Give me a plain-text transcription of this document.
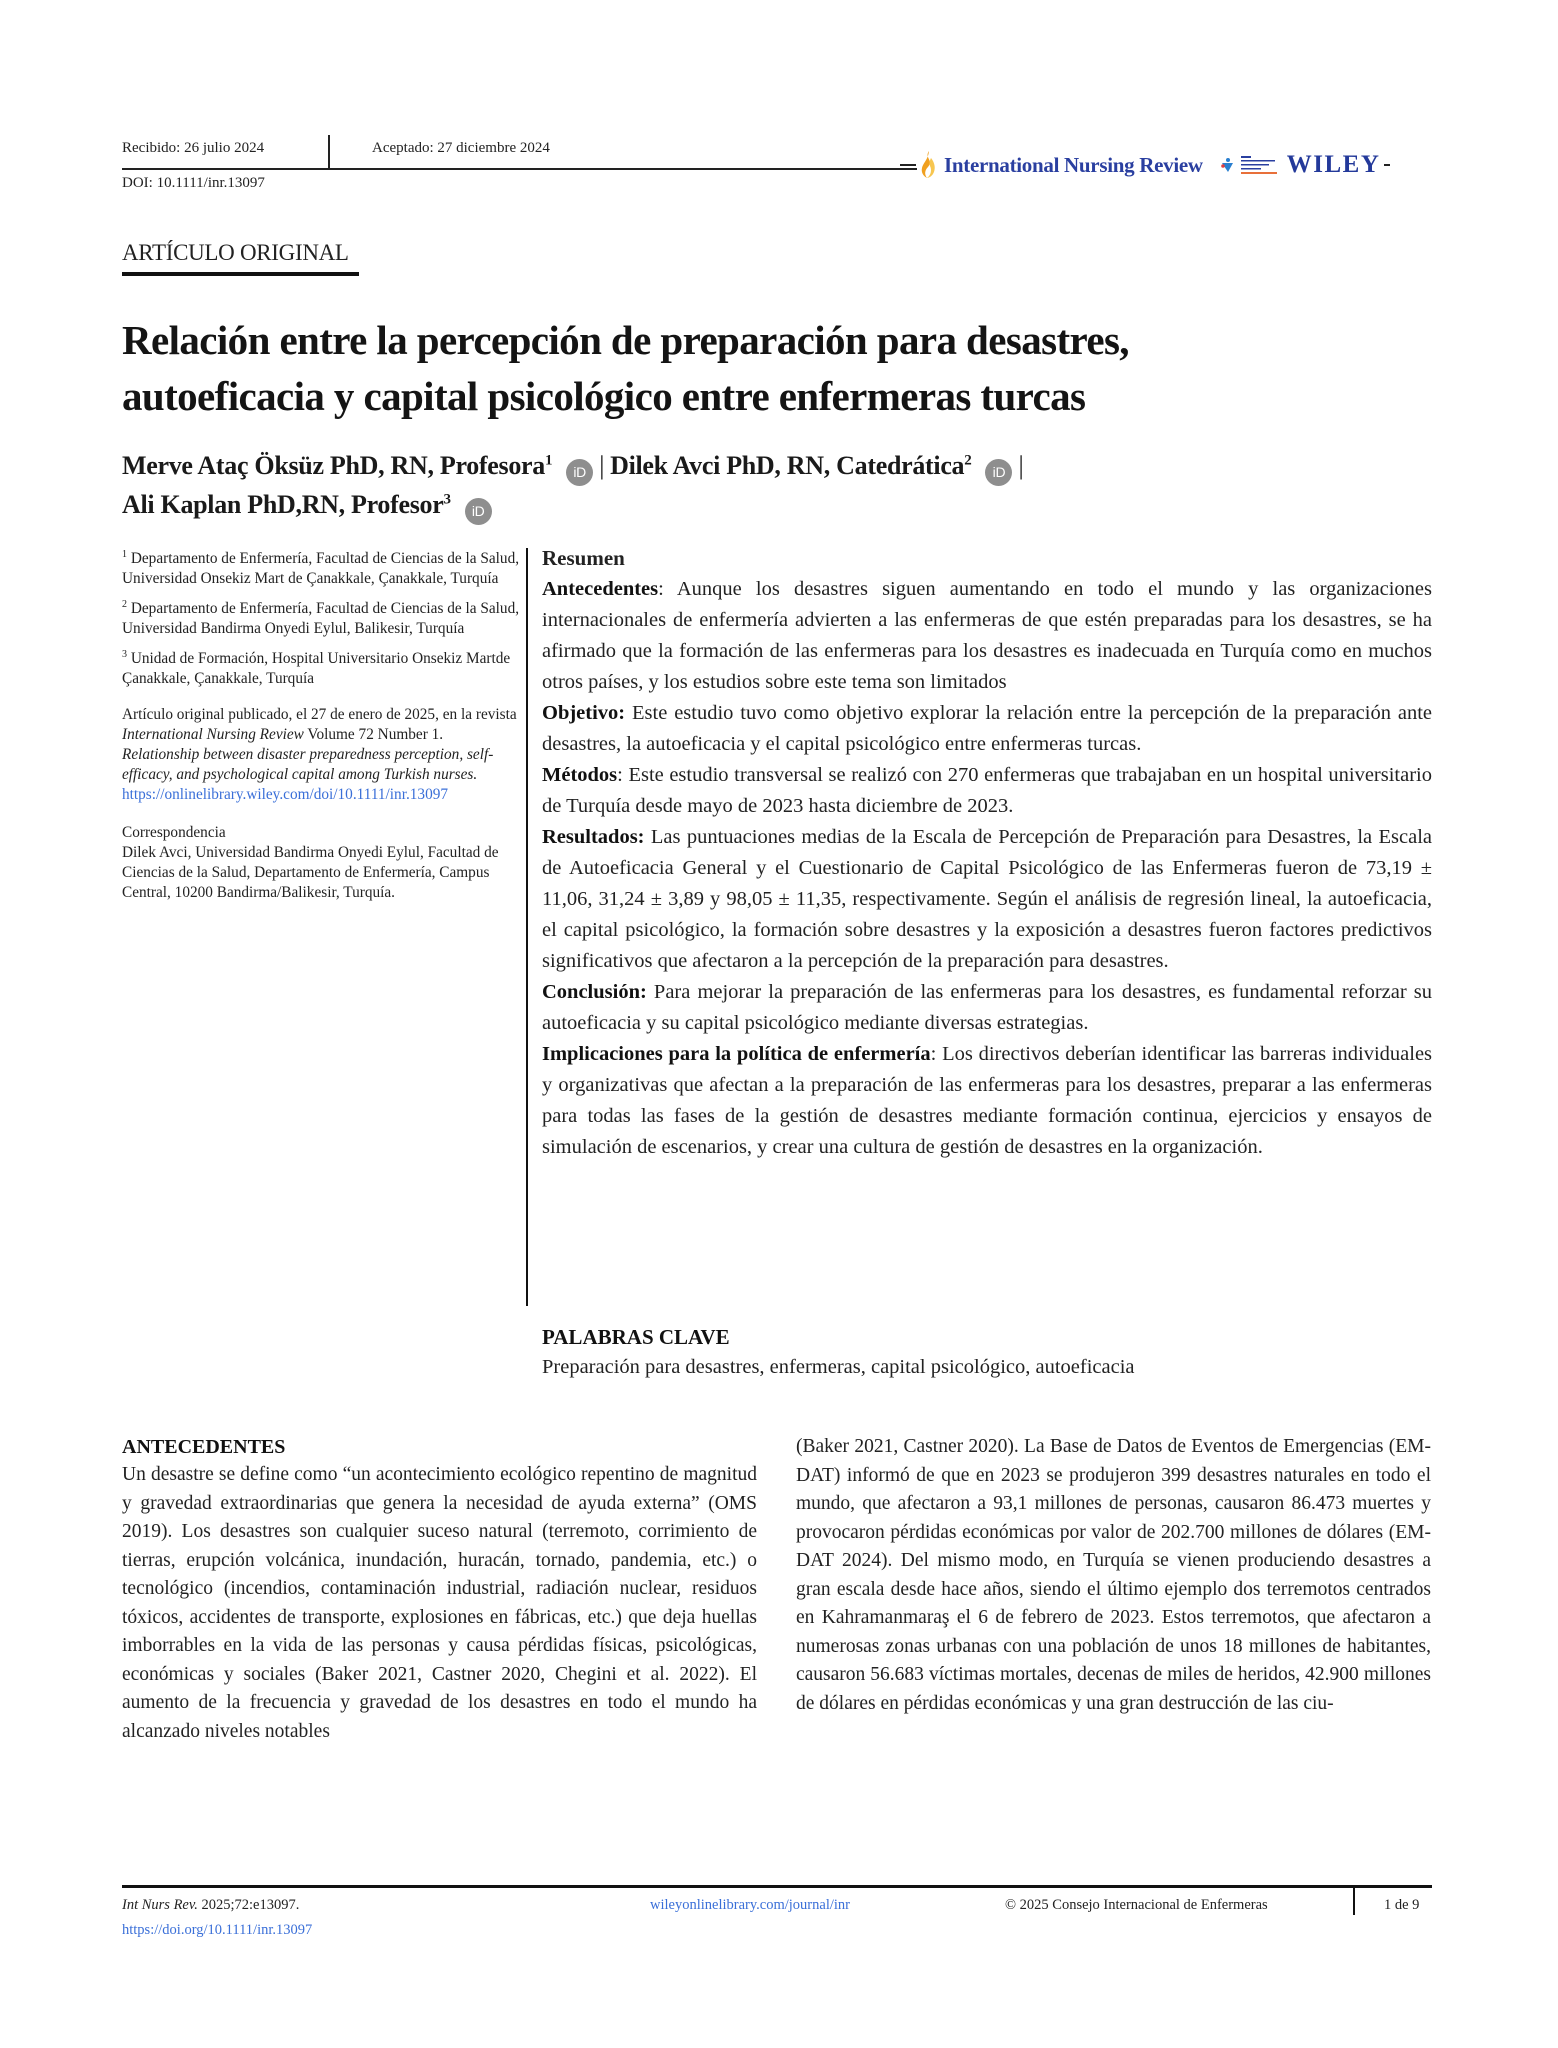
Recibido: 26 julio 2024	Aceptado: 27 diciembre 2024
DOI: 10.1111/inr.13097
International Nursing Review	WILEY
ARTÍCULO ORIGINAL
Relación entre la percepción de preparación para desastres,
autoeficacia y capital psicológico entre enfermeras turcas
Merve Ataç Öksüz PhD, RN, Profesora$^1$iD | Dilek Avci PhD, RN, Catedrática$^2$iD |
Ali Kaplan PhD,RN, Profesor$^3$iD

$^1$ Departamento de Enfermería, Facultad de Ciencias de la Salud, Universidad Onsekiz Mart de Çanakkale, Çanakkale, Turquía

$^2$ Departamento de Enfermería, Facultad de Ciencias de la Salud, Universidad Bandirma Onyedi Eylul, Balikesir, Turquía

$^3$ Unidad de Formación, Hospital Universitario Onsekiz Martde Çanakkale, Çanakkale, Turquía

Artículo original publicado, el 27 de enero de 2025, en la revista International Nursing Review Volume 72 Number 1. Relationship between disaster preparedness perception, self-efficacy, and psychological capital among Turkish nurses.
https://onlinelibrary.wiley.com/doi/10.1111/inr.13097

Correspondencia

Dilek Avci, Universidad Bandirma Onyedi Eylul, Facultad de Ciencias de la Salud, Departamento de Enfermería, Campus Central, 10200 Bandirma/Balikesir, Turquía.

Resumen

Antecedentes: Aunque los desastres siguen aumentando en todo el mundo y las organizaciones internacionales de enfermería advierten a las enfermeras de que estén preparadas para los desastres, se ha afirmado que la formación de las enfermeras para los desastres es inadecuada en Turquía como en muchos otros países, y los estudios sobre este tema son limitados

Objetivo: Este estudio tuvo como objetivo explorar la relación entre la percepción de la preparación ante desastres, la autoeficacia y el capital psicológico entre enfermeras turcas.

Métodos: Este estudio transversal se realizó con 270 enfermeras que trabajaban en un hospital universitario de Turquía desde mayo de 2023 hasta diciembre de 2023.

Resultados: Las puntuaciones medias de la Escala de Percepción de Preparación para Desastres, la Escala de Autoeficacia General y el Cuestionario de Capital Psicológico de las Enfermeras fueron de 73,19 ± 11,06, 31,24 ± 3,89 y 98,05 ± 11,35, respectivamente. Según el análisis de regresión lineal, la autoeficacia, el capital psicológico, la formación sobre desastres y la exposición a desastres fueron factores predictivos significativos que afectaron a la percepción de la preparación para desastres.

Conclusión: Para mejorar la preparación de las enfermeras para los desastres, es fundamental reforzar su autoeficacia y su capital psicológico mediante diversas estrategias.

Implicaciones para la política de enfermería: Los directivos deberían identificar las barreras individuales y organizativas que afectan a la preparación de las enfermeras para los desastres, preparar a las enfermeras para todas las fases de la gestión de desastres mediante formación continua, ejercicios y ensayos de simulación de escenarios, y crear una cultura de gestión de desastres en la organización.

PALABRAS CLAVE
Preparación para desastres, enfermeras, capital psicológico, autoeficacia
ANTECEDENTES
Un desastre se define como “un acontecimiento ecológico repentino de magnitud y gravedad extraordinarias que genera la necesidad de ayuda externa” (OMS 2019). Los desastres son cualquier suceso natural (terremoto, corrimiento de tierras, erupción volcánica, inundación, huracán, tornado, pandemia, etc.) o tecnológico (incendios, contaminación industrial, radiación nuclear, residuos tóxicos, accidentes de transporte, explosiones en fábricas, etc.) que deja huellas imborrables en la vida de las personas y causa pérdidas físicas, psicológicas, económicas y sociales (Baker 2021, Castner 2020, Chegini et al. 2022). El aumento de la frecuencia y gravedad de los desastres en todo el mundo ha alcanzado niveles notables
(Baker 2021, Castner 2020). La Base de Datos de Eventos de Emergencias (EM-DAT) informó de que en 2023 se produjeron 399 desastres naturales en todo el mundo, que afectaron a 93,1 millones de personas, causaron 86.473 muertes y provocaron pérdidas económicas por valor de 202.700 millones de dólares (EM-DAT 2024). Del mismo modo, en Turquía se vienen produciendo desastres a gran escala desde hace años, siendo el último ejemplo dos terremotos centrados en Kahramanmaraş el 6 de febrero de 2023. Estos terremotos, que afectaron a numerosas zonas urbanas con una población de unos 18 millones de habitantes, causaron 56.683 víctimas mortales, decenas de miles de heridos, 42.900 millones de dólares en pérdidas económicas y una gran destrucción de las ciu-
Int Nurs Rev. 2025;72:e13097.
https://doi.org/10.1111/inr.13097
wileyonlinelibrary.com/journal/inr	© 2025 Consejo Internacional de Enfermeras	1 de 9
